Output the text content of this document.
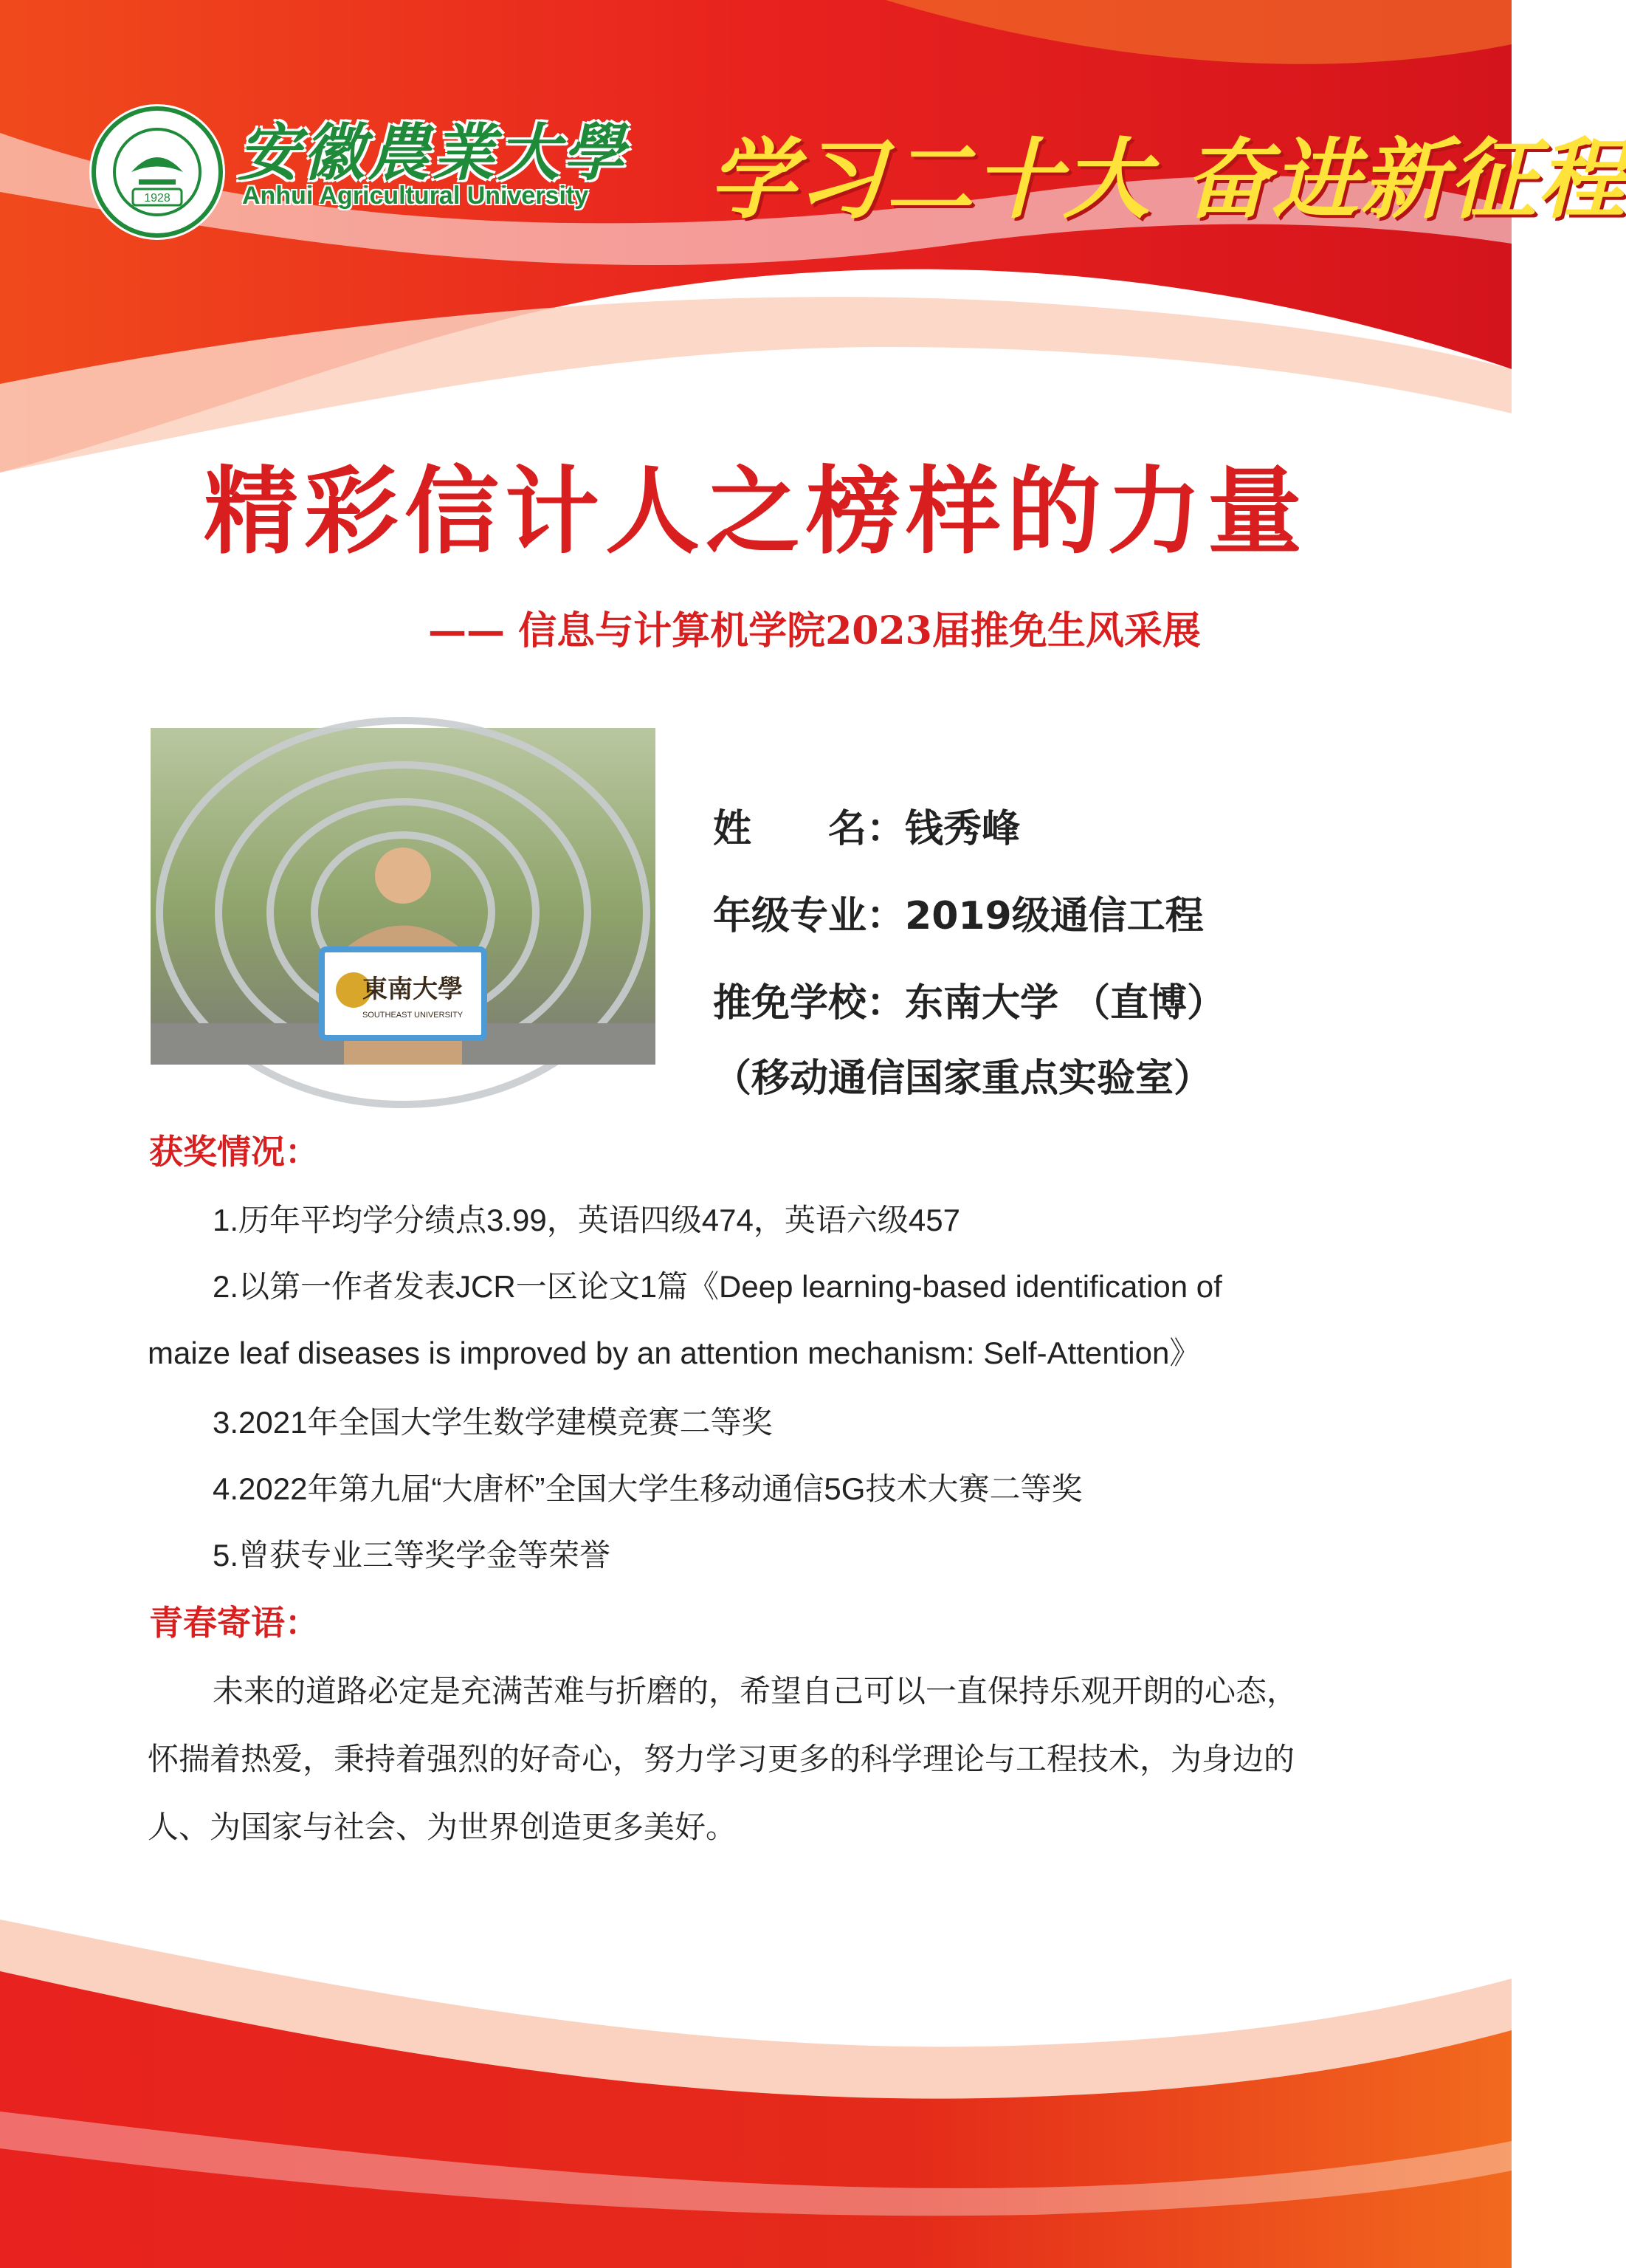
1928
安徽農業大學
Anhui Agricultural University 学习二十大 奋进新征程
精彩信计人之榜样的力量
—— 信息与计算机学院2023届推免生风采展
東南大學
SOUTHEAST UNIVERSITY
姓　　名：钱秀峰
年级专业：2019级通信工程
推免学校：东南大学 （直博）
（移动通信国家重点实验室）
获奖情况：
1.历年平均学分绩点3.99，英语四级474，英语六级457
2.以第一作者发表JCR一区论文1篇《Deep learning-based identification of
maize leaf diseases is improved by an attention mechanism: Self-Attention》
3.2021年全国大学生数学建模竞赛二等奖
4.2022年第九届“大唐杯”全国大学生移动通信5G技术大赛二等奖
5.曾获专业三等奖学金等荣誉
青春寄语：
未来的道路必定是充满苦难与折磨的，希望自己可以一直保持乐观开朗的心态，
怀揣着热爱，秉持着强烈的好奇心，努力学习更多的科学理论与工程技术，为身边的
人、为国家与社会、为世界创造更多美好。
